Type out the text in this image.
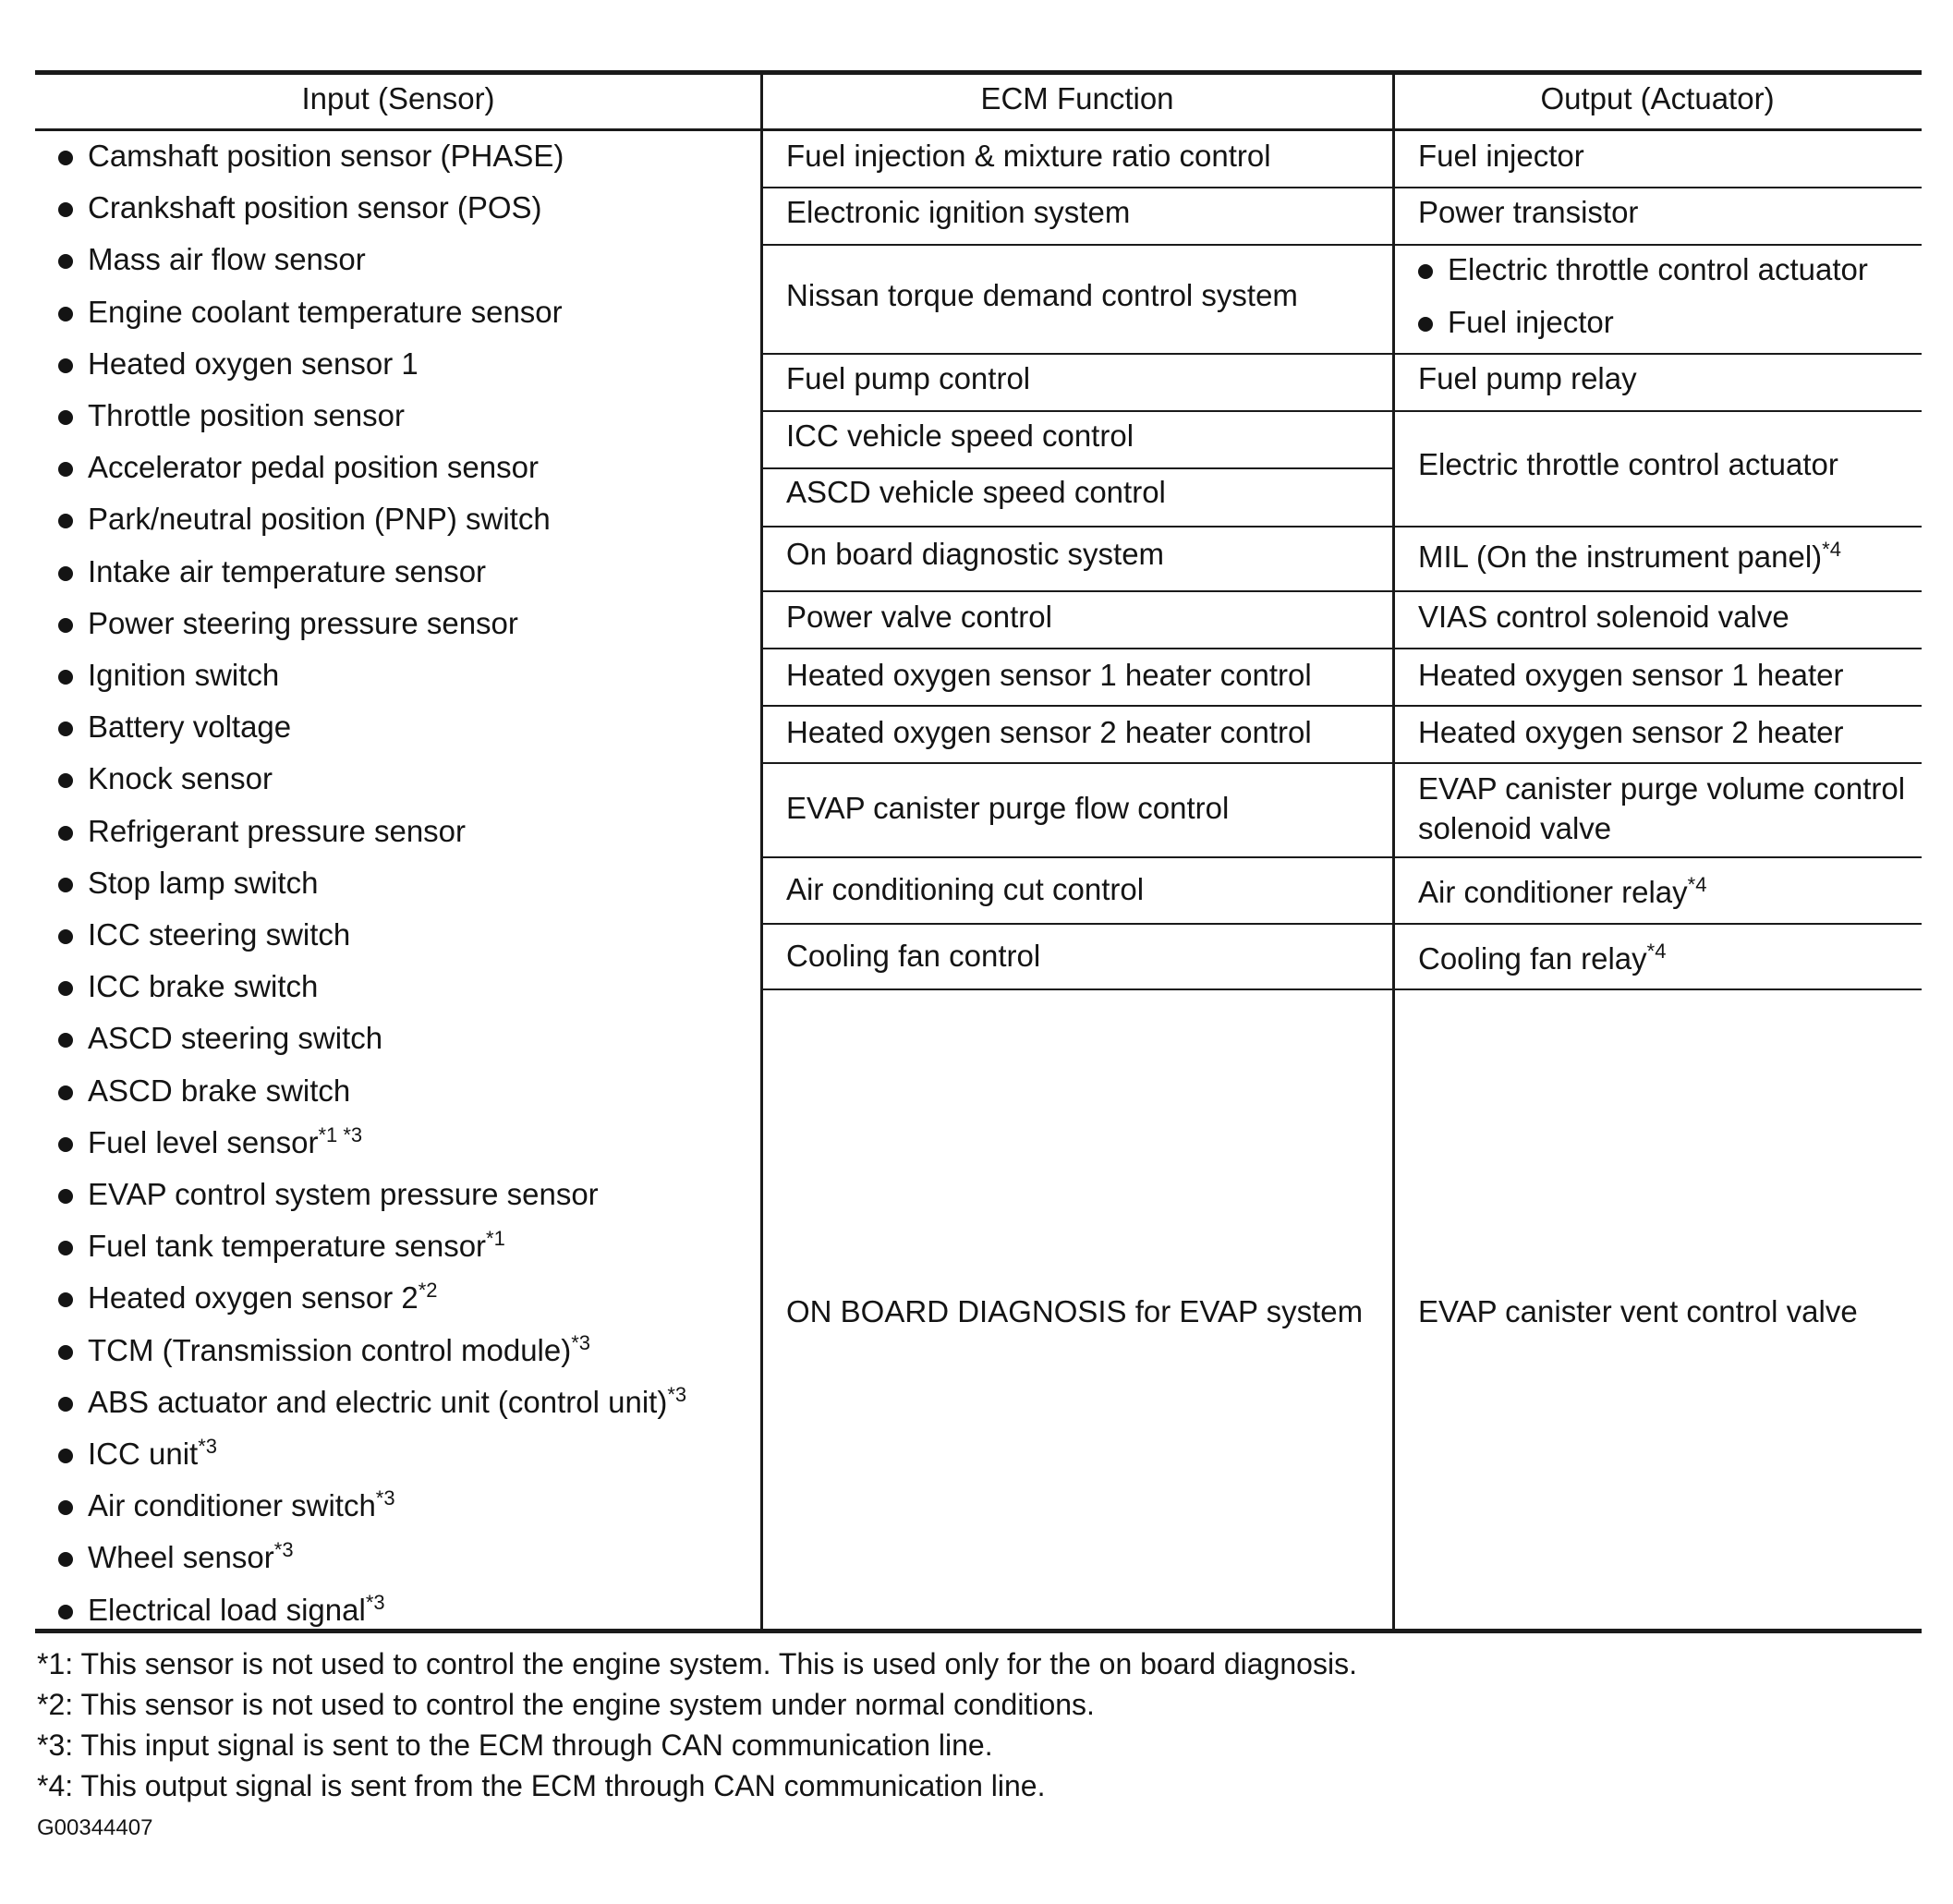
Input (Sensor)	ECM Function	Output (Actuator)
Camshaft position sensor (PHASE)
Crankshaft position sensor (POS)
Mass air flow sensor
Engine coolant temperature sensor
Heated oxygen sensor 1
Throttle position sensor
Accelerator pedal position sensor
Park/neutral position (PNP) switch
Intake air temperature sensor
Power steering pressure sensor
Ignition switch
Battery voltage
Knock sensor
Refrigerant pressure sensor
Stop lamp switch
ICC steering switch
ICC brake switch
ASCD steering switch
ASCD brake switch
Fuel level sensor$^{*1 *3}$
EVAP control system pressure sensor
Fuel tank temperature sensor$^{*1}$
Heated oxygen sensor 2$^{*2}$
TCM (Transmission control module)$^{*3}$
ABS actuator and electric unit (control unit)$^{*3}$
ICC unit$^{*3}$
Air conditioner switch$^{*3}$
Wheel sensor$^{*3}$
Electrical load signal$^{*3}$
Fuel injection & mixture ratio control
Electronic ignition system
Nissan torque demand control system
Fuel pump control
ICC vehicle speed control
ASCD vehicle speed control
On board diagnostic system
Power valve control
Heated oxygen sensor 1 heater control
Heated oxygen sensor 2 heater control
EVAP canister purge flow control
Air conditioning cut control
Cooling fan control
ON BOARD DIAGNOSIS for EVAP system
Fuel injector
Power transistor
Electric throttle control actuator
Fuel injector
Fuel pump relay
Electric throttle control actuator
MIL (On the instrument panel)$^{*4}$
VIAS control solenoid valve
Heated oxygen sensor 1 heater
Heated oxygen sensor 2 heater
EVAP canister purge volume control
solenoid valve
Air conditioner relay$^{*4}$
Cooling fan relay$^{*4}$
EVAP canister vent control valve
*1: This sensor is not used to control the engine system. This is used only for the on board diagnosis.
*2: This sensor is not used to control the engine system under normal conditions.
*3: This input signal is sent to the ECM through CAN communication line.
*4: This output signal is sent from the ECM through CAN communication line.
G00344407
